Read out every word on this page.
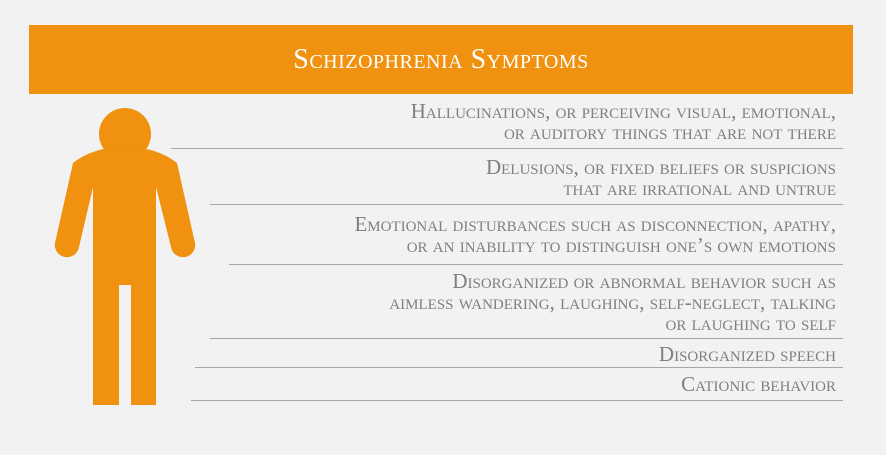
Schizophrenia Symptoms
Hallucinations, or perceiving visual, emotional,
or auditory things that are not there
Delusions, or fixed beliefs or suspicions
that are irrational and untrue
Emotional disturbances such as disconnection, apathy,
or an inability to distinguish one’s own emotions
Disorganized or abnormal behavior such as
aimless wandering, laughing, self-neglect, talking
or laughing to self
Disorganized speech
Cationic behavior
